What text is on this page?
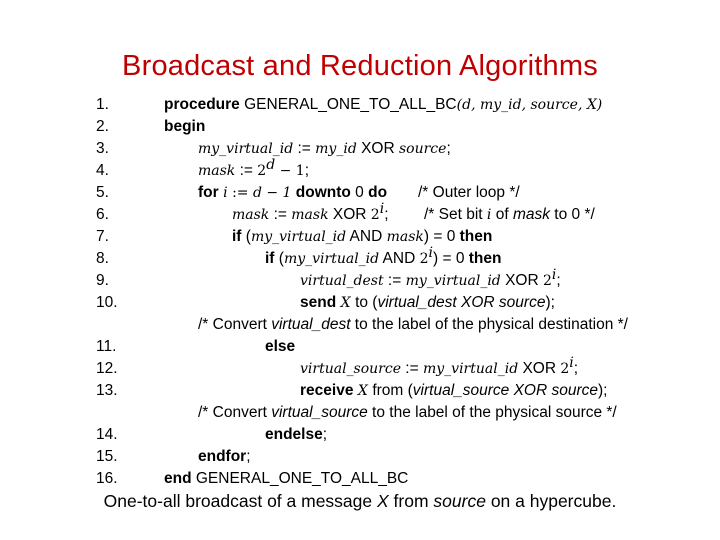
Broadcast and Reduction Algorithms
1.	procedure GENERAL_ONE_TO_ALL_BC(d, my_id, source, X)
2.	begin
3.	my_virtual_id := my_id XOR source;
4.	mask := $2^d - 1$;
5.	for i := d − 1 downto 0 do /* Outer loop */
6.	mask := mask XOR 2$^i$; /* Set bit i of mask to 0 */
7.	if (my_virtual_id AND mask) = 0 then
8.	if (my_virtual_id AND $2^i) = 0$ then
9.	virtual_dest := my_virtual_id XOR 2$^i$;
10.	send X to (virtual_dest XOR source);
/* Convert virtual_dest to the label of the physical destination */
11.	else
12.	virtual_source := my_virtual_id XOR 2$^i$;
13.	receive X from (virtual_source XOR source);
/* Convert virtual_source to the label of the physical source */
14.	endelse;
15.	endfor;
16.	end GENERAL_ONE_TO_ALL_BC
One-to-all broadcast of a message X from source on a hypercube.
